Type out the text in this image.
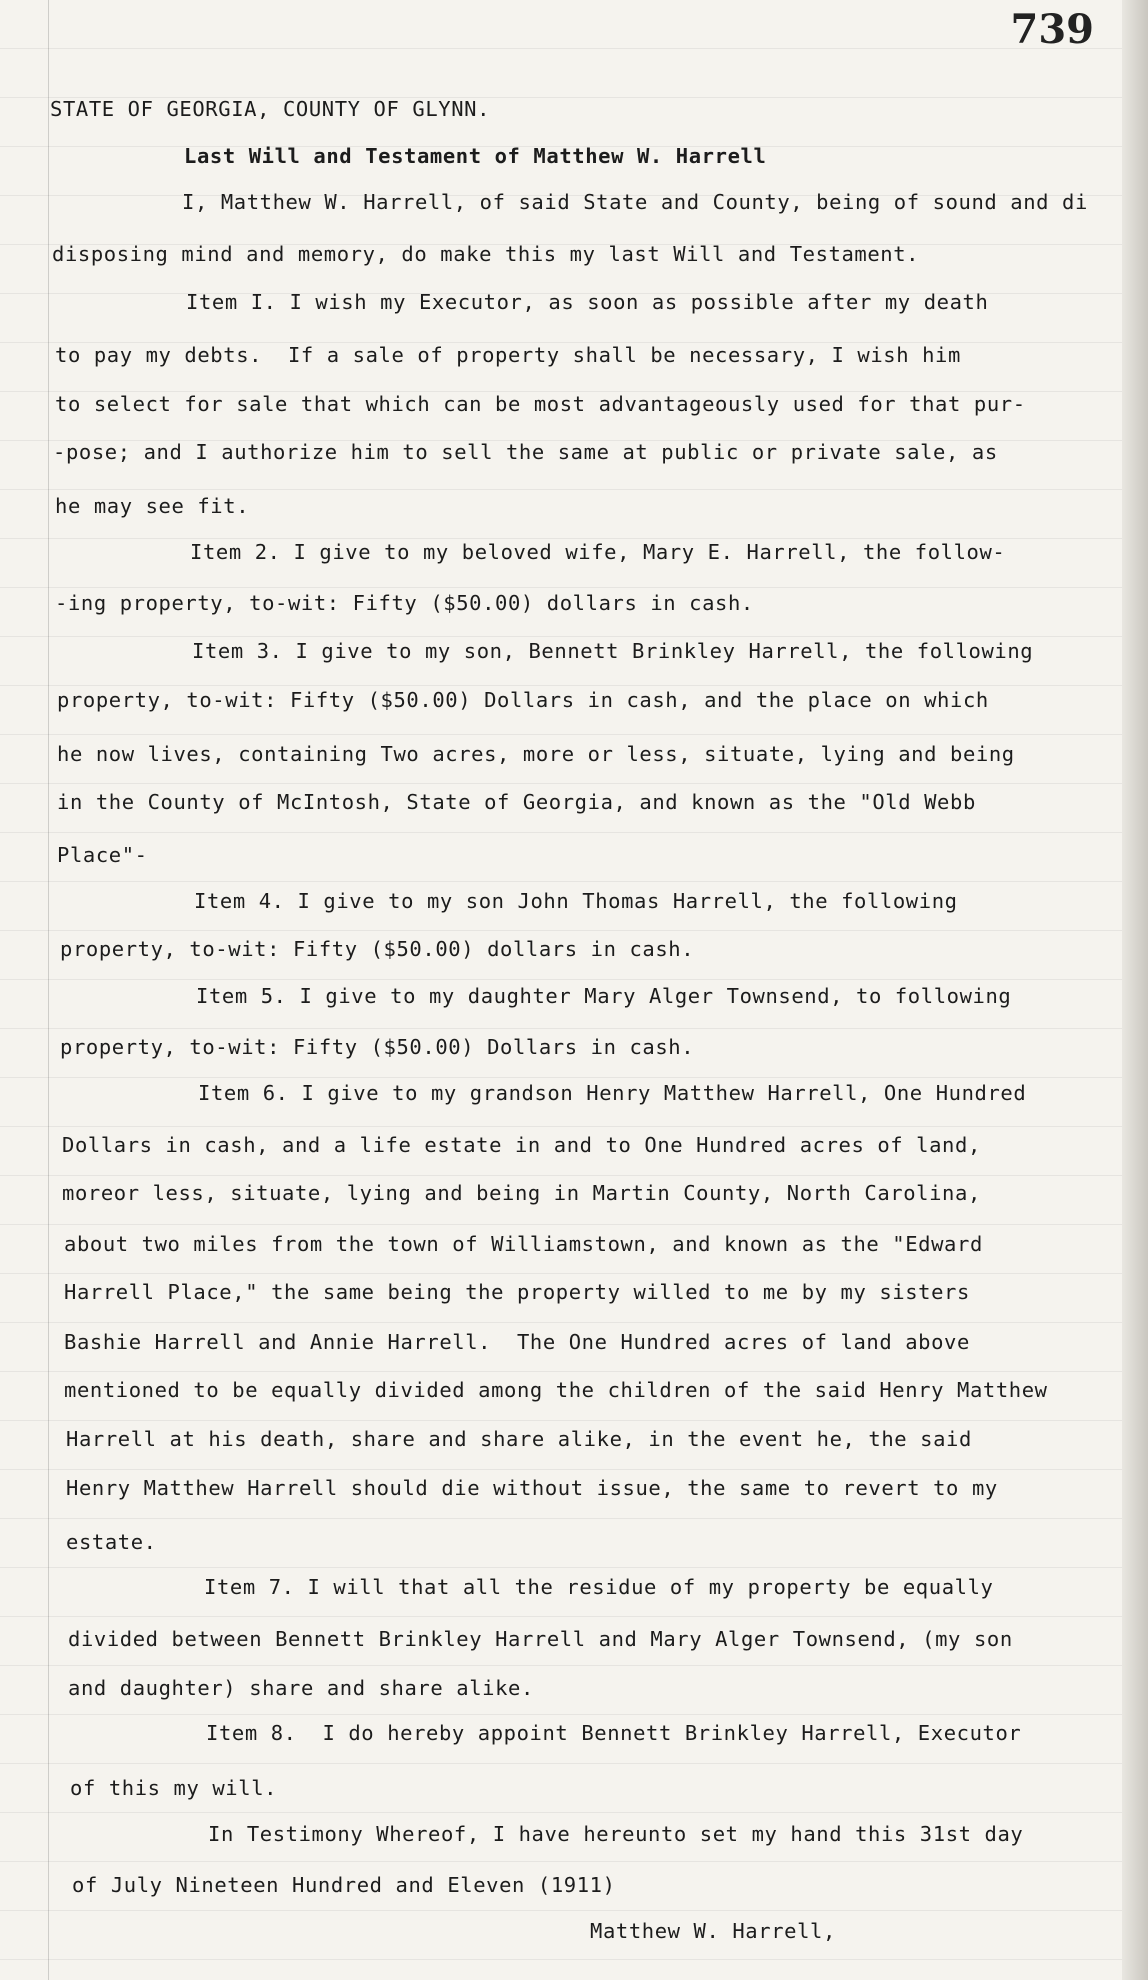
739
STATE OF GEORGIA, COUNTY OF GLYNN.
Last Will and Testament of Matthew W. Harrell
I, Matthew W. Harrell, of said State and County, being of sound and di
disposing mind and memory, do make this my last Will and Testament.
Item I. I wish my Executor, as soon as possible after my death
to pay my debts.  If a sale of property shall be necessary, I wish him
to select for sale that which can be most advantageously used for that pur-
-pose; and I authorize him to sell the same at public or private sale, as
he may see fit.
Item 2. I give to my beloved wife, Mary E. Harrell, the follow-
-ing property, to-wit: Fifty ($50.00) dollars in cash.
Item 3. I give to my son, Bennett Brinkley Harrell, the following
property, to-wit: Fifty ($50.00) Dollars in cash, and the place on which
he now lives, containing Two acres, more or less, situate, lying and being
in the County of McIntosh, State of Georgia, and known as the "Old Webb
Place"-
Item 4. I give to my son John Thomas Harrell, the following
property, to-wit: Fifty ($50.00) dollars in cash.
Item 5. I give to my daughter Mary Alger Townsend, to following
property, to-wit: Fifty ($50.00) Dollars in cash.
Item 6. I give to my grandson Henry Matthew Harrell, One Hundred
Dollars in cash, and a life estate in and to One Hundred acres of land,
moreor less, situate, lying and being in Martin County, North Carolina,
about two miles from the town of Williamstown, and known as the "Edward
Harrell Place," the same being the property willed to me by my sisters
Bashie Harrell and Annie Harrell.  The One Hundred acres of land above
mentioned to be equally divided among the children of the said Henry Matthew
Harrell at his death, share and share alike, in the event he, the said
Henry Matthew Harrell should die without issue, the same to revert to my
estate.
Item 7. I will that all the residue of my property be equally
divided between Bennett Brinkley Harrell and Mary Alger Townsend, (my son
and daughter) share and share alike.
Item 8.  I do hereby appoint Bennett Brinkley Harrell, Executor
of this my will.
In Testimony Whereof, I have hereunto set my hand this 31st day
of July Nineteen Hundred and Eleven (1911)
Matthew W. Harrell,
